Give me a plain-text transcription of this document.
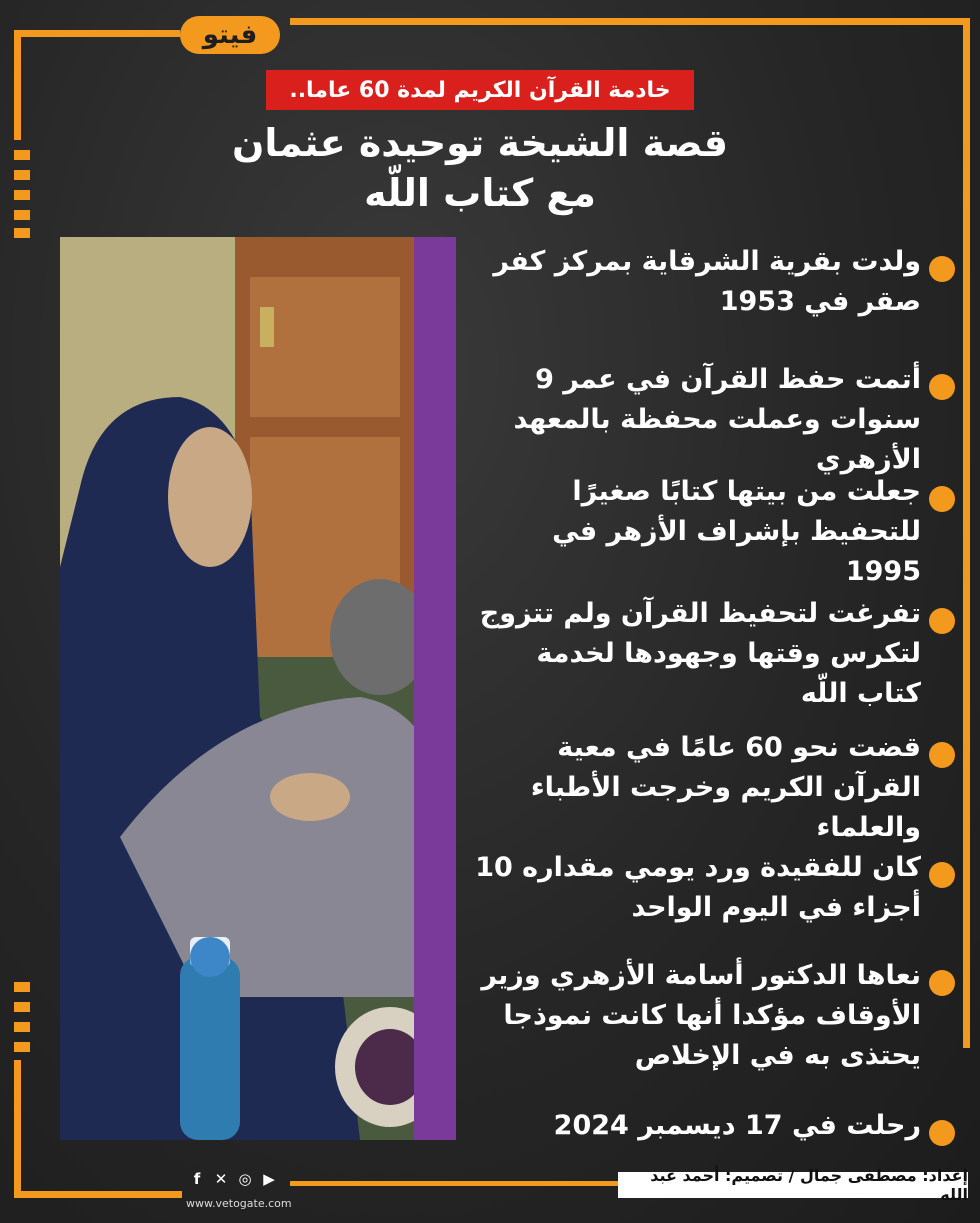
فيتو
خادمة القرآن الكريم لمدة 60 عاما..
قصة الشيخة توحيدة عثمان
مع كتاب اللّه
ولدت بقرية الشرقاية بمركز كفر صقر في 1953
أتمت حفظ القرآن في عمر 9 سنوات وعملت محفظة بالمعهد الأزهري
جعلت من بيتها كتابًا صغيرًا للتحفيظ بإشراف الأزهر في 1995
تفرغت لتحفيظ القرآن ولم تتزوج لتكرس وقتها وجهودها لخدمة كتاب اللّه
قضت نحو 60 عامًا في معية القرآن الكريم وخرجت الأطباء والعلماء
كان للفقيدة ورد يومي مقداره 10 أجزاء في اليوم الواحد
نعاها الدكتور أسامة الأزهري وزير الأوقاف مؤكدا أنها كانت نموذجا يحتذى به في الإخلاص
رحلت في 17 ديسمبر 2024
f ✕ ◎ ▶
www.vetogate.com
إعداد: مصطفى جمال / تصميم: أحمد عبد الله
